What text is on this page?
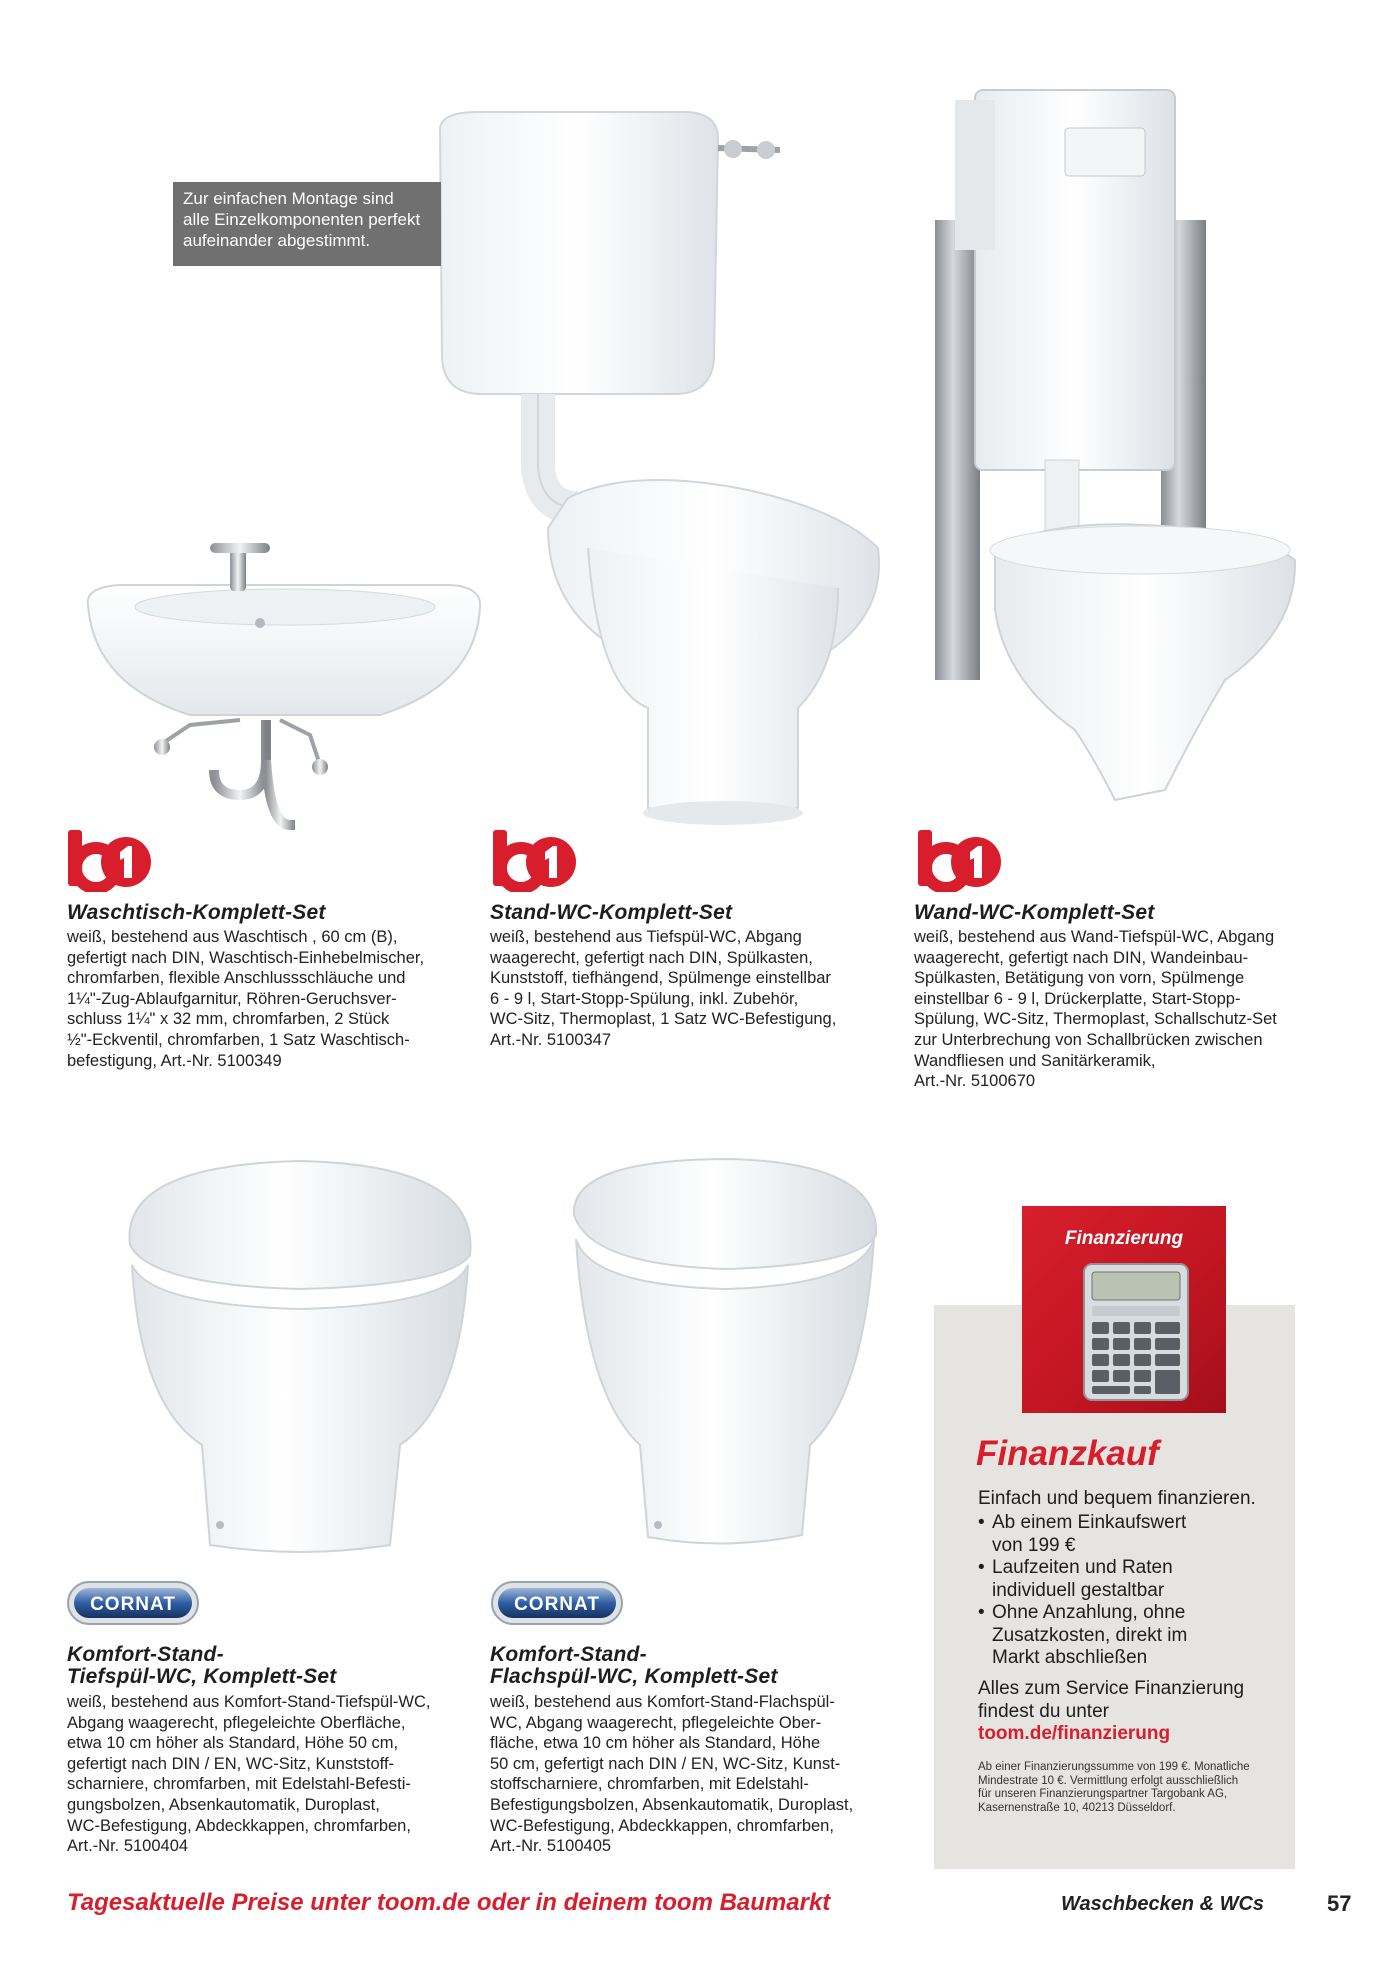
Zur einfachen Montage sind
alle Einzelkomponenten perfekt
aufeinander abgestimmt.
CORNAT	CORNAT
Waschtisch-Komplett-Set
weiß, bestehend aus Waschtisch , 60 cm (B),
gefertigt nach DIN, Waschtisch-Einhebelmischer,
chromfarben, flexible Anschlussschläuche und
1¼"-Zug-Ablaufgarnitur, Röhren-Geruchsver-
schluss 1¼" x 32 mm, chromfarben, 2 Stück
½"-Eckventil, chromfarben, 1 Satz Waschtisch-
befestigung, Art.-Nr. 5100349
Stand-WC-Komplett-Set
weiß, bestehend aus Tiefspül-WC, Abgang
waagerecht, gefertigt nach DIN, Spülkasten,
Kunststoff, tiefhängend, Spülmenge einstellbar
6 - 9 l, Start-Stopp-Spülung, inkl. Zubehör,
WC-Sitz, Thermoplast, 1 Satz WC-Befestigung,
Art.-Nr. 5100347
Wand-WC-Komplett-Set
weiß, bestehend aus Wand-Tiefspül-WC, Abgang
waagerecht, gefertigt nach DIN, Wandeinbau-
Spülkasten, Betätigung von vorn, Spülmenge
einstellbar 6 - 9 l, Drückerplatte, Start-Stopp-
Spülung, WC-Sitz, Thermoplast, Schallschutz-Set
zur Unterbrechung von Schallbrücken zwischen
Wandfliesen und Sanitärkeramik,
Art.-Nr. 5100670
Komfort-Stand-
Tiefspül-WC, Komplett-Set
weiß, bestehend aus Komfort-Stand-Tiefspül-WC,
Abgang waagerecht, pflegeleichte Oberfläche,
etwa 10 cm höher als Standard, Höhe 50 cm,
gefertigt nach DIN / EN, WC-Sitz, Kunststoff-
scharniere, chromfarben, mit Edelstahl-Befesti-
gungsbolzen, Absenkautomatik, Duroplast,
WC-Befestigung, Abdeckkappen, chromfarben,
Art.-Nr. 5100404
Komfort-Stand-
Flachspül-WC, Komplett-Set
weiß, bestehend aus Komfort-Stand-Flachspül-
WC, Abgang waagerecht, pflegeleichte Ober-
fläche, etwa 10 cm höher als Standard, Höhe
50 cm, gefertigt nach DIN / EN, WC-Sitz, Kunst-
stoffscharniere, chromfarben, mit Edelstahl-
Befestigungsbolzen, Absenkautomatik, Duroplast,
WC-Befestigung, Abdeckkappen, chromfarben,
Art.-Nr. 5100405
Finanzierung
Finanzkauf
Einfach und bequem finanzieren.
• Ab einem Einkaufswert
von 199 €
• Laufzeiten und Raten
individuell gestaltbar
• Ohne Anzahlung, ohne
Zusatzkosten, direkt im
Markt abschließen
Alles zum Service Finanzierung
findest du unter
toom.de/finanzierung
Ab einer Finanzierungssumme von 199 €. Monatliche
Mindestrate 10 €. Vermittlung erfolgt ausschließlich
für unseren Finanzierungspartner Targobank AG,
Kasernenstraße 10, 40213 Düsseldorf.
Tagesaktuelle Preise unter toom.de oder in deinem toom Baumarkt	Waschbecken & WCs	57
